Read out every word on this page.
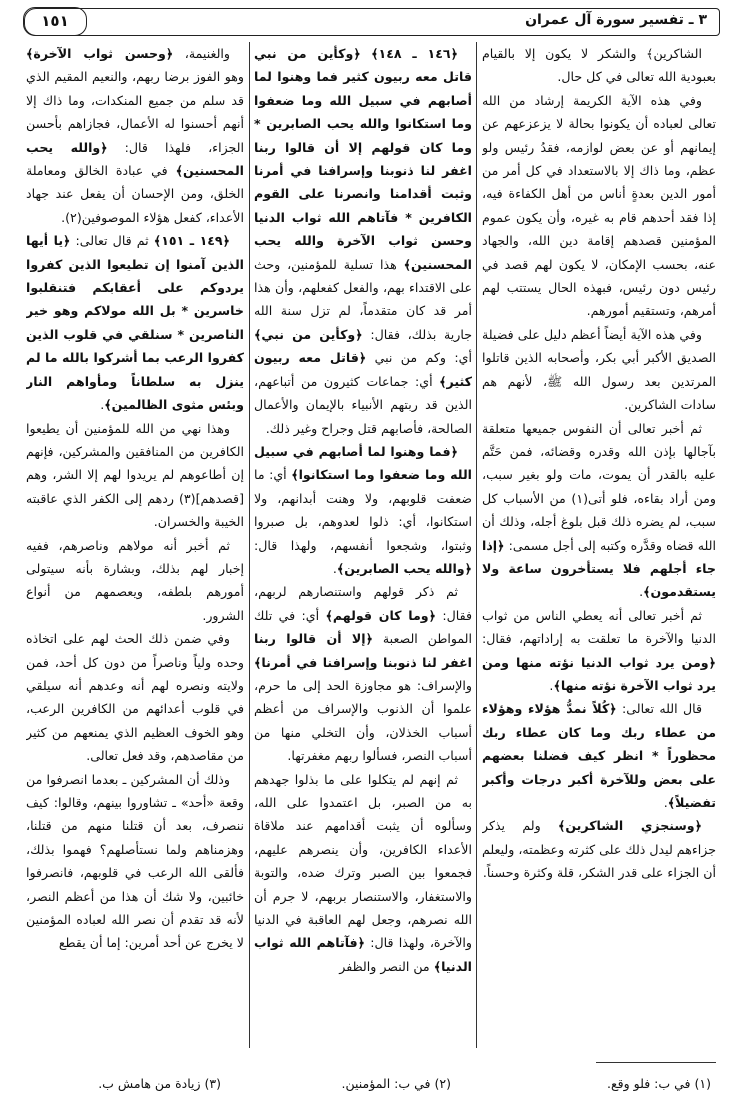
٣ ـ تفسير سورة آل عمران
١٥١

الشاكرين﴾ والشكر لا يكون إلا بالقيام بعبودية الله تعالى في كل حال.

وفي هذه الآية الكريمة إرشاد من الله تعالى لعباده أن يكونوا بحالة لا يزعزعهم عن إيمانهم أو عن بعض لوازمه، فقدُ رئيس ولو عظم، وما ذاك إلا بالاستعداد في كل أمر من أمور الدين بعدةٍ أناس من أهل الكفاءة فيه، إذا فقد أحدهم قام به غيره، وأن يكون عموم المؤمنين قصدهم إقامة دين الله، والجهاد عنه، بحسب الإمكان، لا يكون لهم قصد في رئيس دون رئيس، فبهذه الحال يستتب لهم أمرهم، وتستقيم أمورهم.

وفي هذه الآية أيضاً أعظم دليل على فضيلة الصديق الأكبر أبي بكر، وأصحابه الذين قاتلوا المرتدين بعد رسول الله ﷺ، لأنهم هم سادات الشاكرين.

ثم أخبر تعالى أن النفوس جميعها متعلقة بآجالها بإذن الله وقدره وقضائه، فمن حَتَّم عليه بالقدر أن يموت، مات ولو بغير سبب، ومن أراد بقاءه، فلو أتى(١) من الأسباب كل سبب، لم يضره ذلك قبل بلوغ أجله، وذلك أن الله قضاه وقدَّره وكتبه إلى أجل مسمى: ﴿إذا جاء أجلهم فلا يستأخرون ساعة ولا يستقدمون﴾.

ثم أخبر تعالى أنه يعطي الناس من ثواب الدنيا والآخرة ما تعلقت به إراداتهم، فقال: ﴿ومن يرد ثواب الدنيا نؤته منها ومن يرد ثواب الآخرة نؤته منها﴾.

قال الله تعالى: ﴿كُلاً نمدُّ هؤلاء وهؤلاء من عطاء ربك وما كان عطاء ربك محظوراً * انظر كيف فضلنا بعضهم على بعض وللآخرة أكبر درجات وأكبر تفضيلاً﴾.

﴿وسنجزي الشاكرين﴾ ولم يذكر جزاءهم ليدل ذلك على كثرته وعظمته، وليعلم أن الجزاء على قدر الشكر، قلة وكثرة وحسناً.

﴿١٤٦ ـ ١٤٨﴾ ﴿وكأين من نبي قاتل معه ربيون كثير فما وهنوا لما أصابهم في سبيل الله وما ضعفوا وما استكانوا والله يحب الصابرين * وما كان قولهم إلا أن قالوا ربنا اغفر لنا ذنوبنا وإسرافنا في أمرنا وثبت أقدامنا وانصرنا على القوم الكافرين * فآتاهم الله ثواب الدنيا وحسن ثواب الآخرة والله يحب المحسنين﴾ هذا تسلية للمؤمنين، وحث على الاقتداء بهم، والفعل كفعلهم، وأن هذا أمر قد كان متقدماً، لم تزل سنة الله جارية بذلك، فقال: ﴿وكأين من نبي﴾ أي: وكم من نبي ﴿قاتل معه ربيون كثير﴾ أي: جماعات كثيرون من أتباعهم، الذين قد ربتهم الأنبياء بالإيمان والأعمال الصالحة، فأصابهم قتل وجراح وغير ذلك.

﴿فما وهنوا لما أصابهم في سبيل الله وما ضعفوا وما استكانوا﴾ أي: ما ضعفت قلوبهم، ولا وهنت أبدانهم، ولا استكانوا، أي: ذلوا لعدوهم، بل صبروا وثبتوا، وشجعوا أنفسهم، ولهذا قال: ﴿والله يحب الصابرين﴾.

ثم ذكر قولهم واستنصارهم لربهم، فقال: ﴿وما كان قولهم﴾ أي: في تلك المواطن الصعبة ﴿إلا أن قالوا ربنا اغفر لنا ذنوبنا وإسرافنا في أمرنا﴾ والإسراف: هو مجاوزة الحد إلى ما حرم، علموا أن الذنوب والإسراف من أعظم أسباب الخذلان، وأن التخلي منها من أسباب النصر، فسألوا ربهم مغفرتها.

ثم إنهم لم يتكلوا على ما بذلوا جهدهم به من الصبر، بل اعتمدوا على الله، وسألوه أن يثبت أقدامهم عند ملاقاة الأعداء الكافرين، وأن ينصرهم عليهم، فجمعوا بين الصبر وترك ضده، والتوبة والاستغفار، والاستنصار بربهم، لا جرم أن الله نصرهم، وجعل لهم العاقبة في الدنيا والآخرة، ولهذا قال: ﴿فآتاهم الله ثواب الدنيا﴾ من النصر والظفر

والغنيمة، ﴿وحسن ثواب الآخرة﴾ وهو الفوز برضا ربهم، والنعيم المقيم الذي قد سلم من جميع المنكدات، وما ذاك إلا أنهم أحسنوا له الأعمال، فجازاهم بأحسن الجزاء، فلهذا قال: ﴿والله يحب المحسنين﴾ في عبادة الخالق ومعاملة الخلق، ومن الإحسان أن يفعل عند جهاد الأعداء، كفعل هؤلاء الموصوفين(٢).

﴿١٤٩ ـ ١٥١﴾ ثم قال تعالى: ﴿يا أيها الذين آمنوا إن تطيعوا الذين كفروا يردوكم على أعقابكم فتنقلبوا خاسرين * بل الله مولاكم وهو خير الناصرين * سنلقي في قلوب الذين كفروا الرعب بما أشركوا بالله ما لم ينزل به سلطاناً ومأواهم النار وبئس مثوى الظالمين﴾.

وهذا نهي من الله للمؤمنين أن يطيعوا الكافرين من المنافقين والمشركين، فإنهم إن أطاعوهم لم يريدوا لهم إلا الشر، وهم [قصدهم](٣) ردهم إلى الكفر الذي عاقبته الخيبة والخسران.

ثم أخبر أنه مولاهم وناصرهم، ففيه إخبار لهم بذلك، وبشارة بأنه سيتولى أمورهم بلطفه، ويعصمهم من أنواع الشرور.

وفي ضمن ذلك الحث لهم على اتخاذه وحده ولياً وناصراً من دون كل أحد، فمن ولايته ونصره لهم أنه وعدهم أنه سيلقي في قلوب أعدائهم من الكافرين الرعب، وهو الخوف العظيم الذي يمنعهم من كثير من مقاصدهم، وقد فعل تعالى.

وذلك أن المشركين ـ بعدما انصرفوا من وقعة «أحد» ـ تشاوروا بينهم، وقالوا: كيف ننصرف، بعد أن قتلنا منهم من قتلنا، وهزمناهم ولما نستأصلهم؟ فهموا بذلك، فألقى الله الرعب في قلوبهم، فانصرفوا خائبين، ولا شك أن هذا من أعظم النصر، لأنه قد تقدم أن نصر الله لعباده المؤمنين لا يخرج عن أحد أمرين: إما أن يقطع

(١) في ب: فلو وقع.
(٢) في ب: المؤمنين.
(٣) زيادة من هامش ب.
